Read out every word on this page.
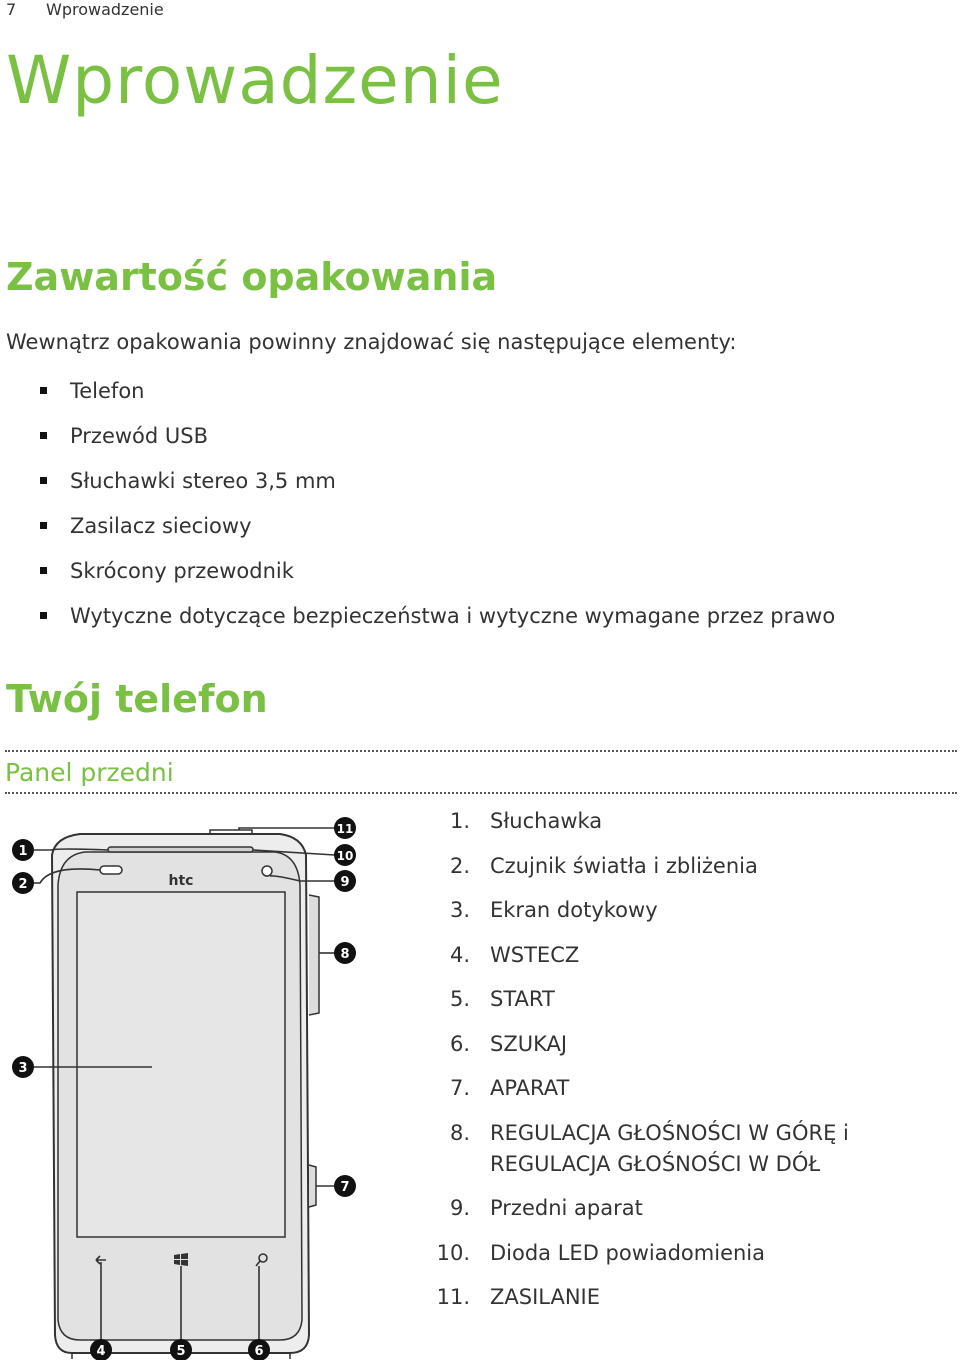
7 Wprowadzenie
Wprowadzenie
Zawartość opakowania

Wewnątrz opakowania powinny znajdować się następujące elementy:

Telefon
Przewód USB
Słuchawki stereo 3,5 mm
Zasilacz sieciowy
Skrócony przewodnik
Wytyczne dotyczące bezpieczeństwa i wytyczne wymagane przez prawo
Twój telefon
Panel przedni
htc
1
2
3
4	5	6
7
8
9
10
11	1. Słuchawka
2. Czujnik światła i zbliżenia
3. Ekran dotykowy
4. WSTECZ
5. START
6. SZUKAJ
7. APARAT
8. REGULACJA GŁOŚNOŚCI W GÓRĘ i
REGULACJA GŁOŚNOŚCI W DÓŁ
9. Przedni aparat
10. Dioda LED powiadomienia
11. ZASILANIE
